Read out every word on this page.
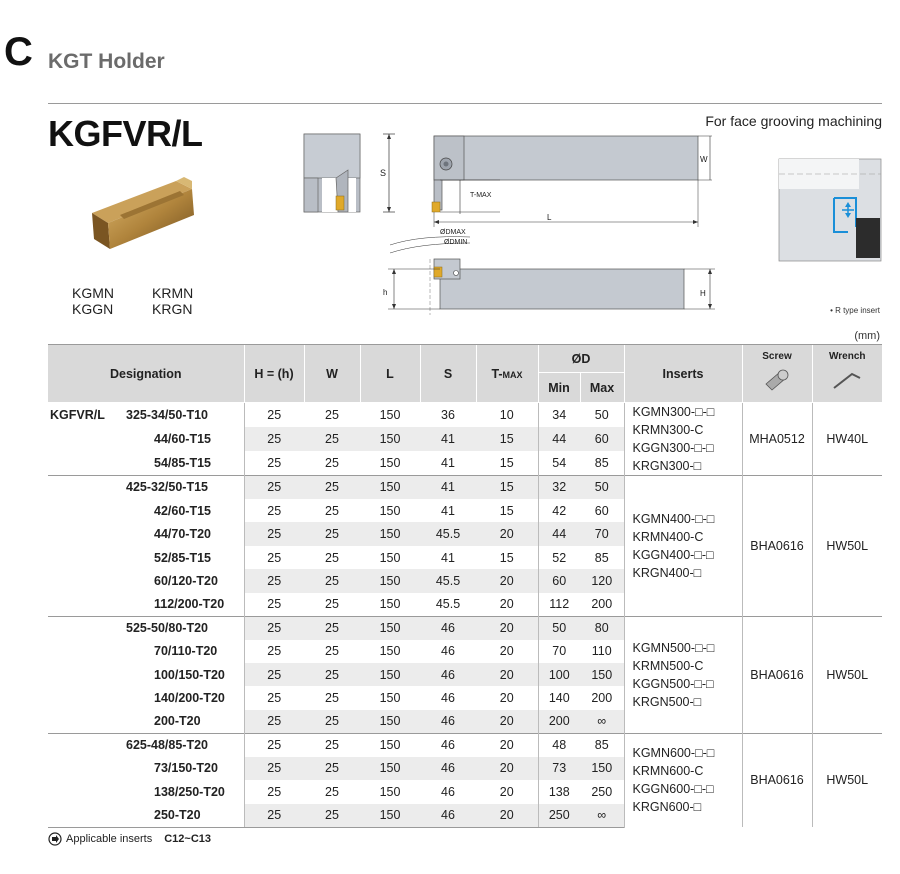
C KGT Holder
KGFVR/L	For face grooving machining
KGMN
KGGN
KRMN
KRGN
S
T-MAX
L
W
ØDMAX
ØDMIN
h	H
• R type insert
(mm)
Designation		H = (h)	W	L	S	T-MAX	ØD		Inserts	Screw	Wrench

							Min	Max			
KGFVR/L	325-34/50-T10	25	25	150	36	10	34	50	KGMN300-□-□
KRMN300-C
KGGN300-□-□
KRGN300-□	MHA0512	HW40L
	44/60-T15	25	25	150	41	15	44	60			
	54/85-T15	25	25	150	41	15	54	85			
	425-32/50-T15	25	25	150	41	15	32	50	KGMN400-□-□
KRMN400-C
KGGN400-□-□
KRGN400-□	BHA0616	HW50L
	42/60-T15	25	25	150	41	15	42	60			
	44/70-T20	25	25	150	45.5	20	44	70			
	52/85-T15	25	25	150	41	15	52	85			
	60/120-T20	25	25	150	45.5	20	60	120			
	112/200-T20	25	25	150	45.5	20	112	200			
	525-50/80-T20	25	25	150	46	20	50	80	KGMN500-□-□
KRMN500-C
KGGN500-□-□
KRGN500-□	BHA0616	HW50L
	70/110-T20	25	25	150	46	20	70	110			
	100/150-T20	25	25	150	46	20	100	150			
	140/200-T20	25	25	150	46	20	140	200			
	200-T20	25	25	150	46	20	200	∞			
	625-48/85-T20	25	25	150	46	20	48	85	KGMN600-□-□
KRMN600-C
KGGN600-□-□
KRGN600-□	BHA0616	HW50L
	73/150-T20	25	25	150	46	20	73	150			
	138/250-T20	25	25	150	46	20	138	250			
	250-T20	25	25	150	46	20	250	∞			
Applicable inserts C12~C13
